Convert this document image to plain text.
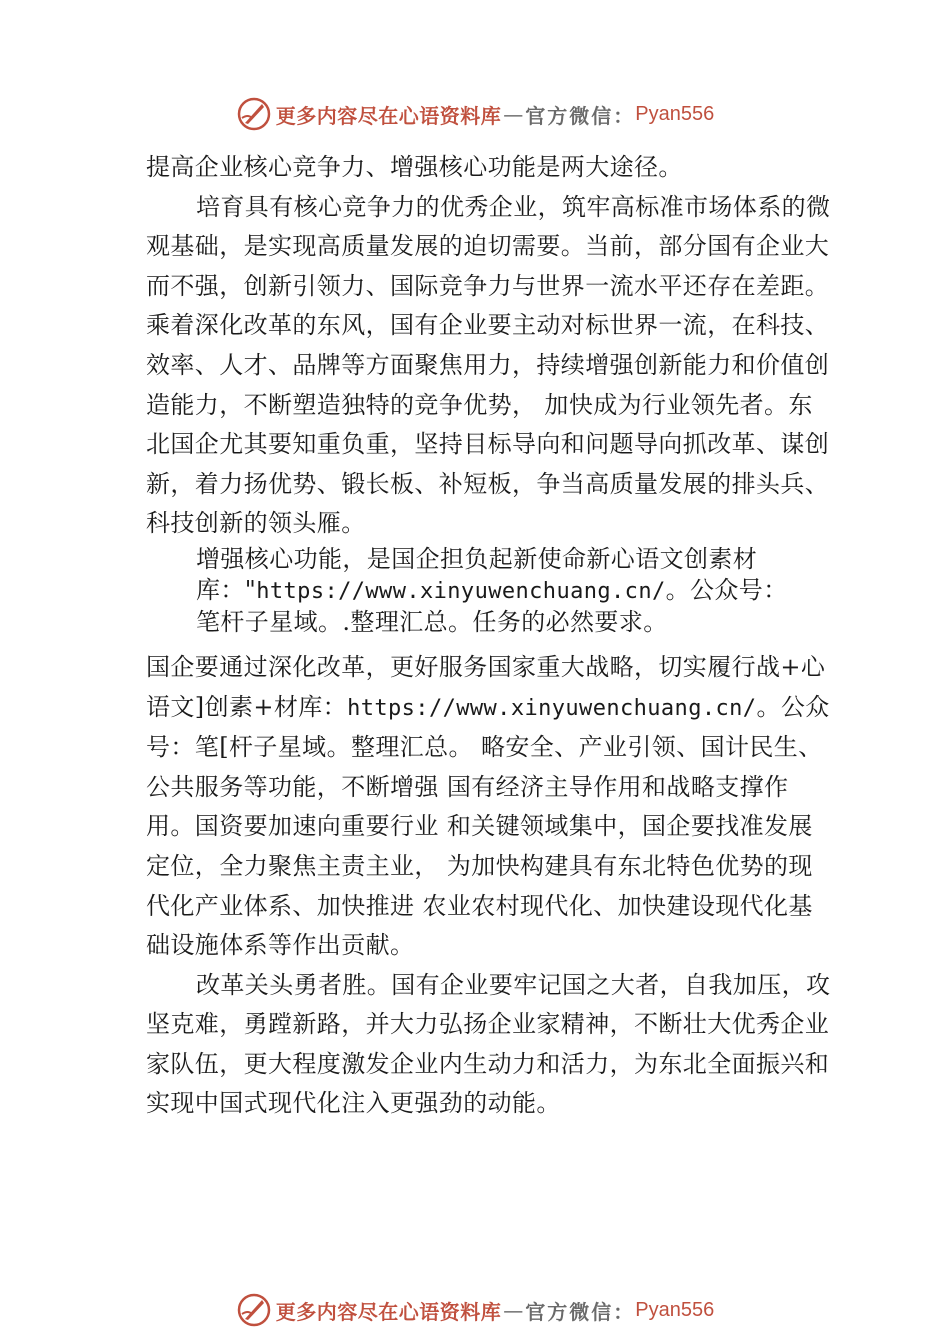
更多内容尽在心语资料库 — 官方微信： Pyan556

提高企业核心竞争力、增强核心功能是两大途径。

培育具有核心竞争力的优秀企业，筑牢高标准市场体系的微观基础，是实现高质量发展的迫切需要。当前，部分国有企业大而不强，创新引领力、国际竞争力与世界一流水平还存在差距。乘着深化改革的东风，国有企业要主动对标世界一流，在科技、效率、人才、品牌等方面聚焦用力，持续增强创新能力和价值创造能力，不断塑造独特的竞争优势， 加快成为行业领先者。东北国企尤其要知重负重，坚持目标导向和问题导向抓改革、谋创新，着力扬优势、锻长板、补短板，争当高质量发展的排头兵、科技创新的领头雁。

增强核心功能，是国企担负起新使命新心语文创素材库："https://www.xinyuwenchuang.cn/。公众号：笔杆子星域。.整理汇总。任务的必然要求。

国企要通过深化改革，更好服务国家重大战略，切实履行战+心语文]创素+材库：https://www.xinyuwenchuang.cn/。公众号：笔[杆子星域。整理汇总。 略安全、产业引领、国计民生、公共服务等功能，不断增强 国有经济主导作用和战略支撑作用。国资要加速向重要行业 和关键领域集中，国企要找准发展定位，全力聚焦主责主业， 为加快构建具有东北特色优势的现代化产业体系、加快推进 农业农村现代化、加快建设现代化基础设施体系等作出贡献。

改革关头勇者胜。国有企业要牢记国之大者，自我加压，攻坚克难，勇蹚新路，并大力弘扬企业家精神，不断壮大优秀企业家队伍，更大程度激发企业内生动力和活力，为东北全面振兴和实现中国式现代化注入更强劲的动能。

更多内容尽在心语资料库 — 官方微信： Pyan556
